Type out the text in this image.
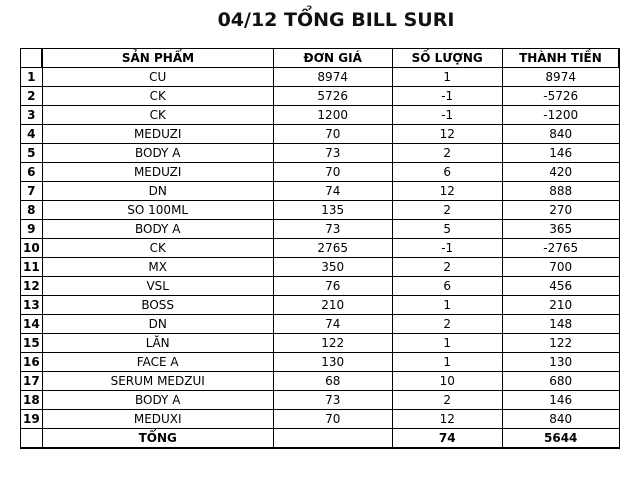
04/12 TỔNG BILL SURI
	SẢN PHẨM	ĐƠN GIÁ	SỐ LƯỢNG	THÀNH TIỀN
1	CU	8974	1	8974
2	CK	5726	-1	-5726
3	CK	1200	-1	-1200
4	MEDUZI	70	12	840
5	BODY A	73	2	146
6	MEDUZI	70	6	420
7	DN	74	12	888
8	SO 100ML	135	2	270
9	BODY A	73	5	365
10	CK	2765	-1	-2765
11	MX	350	2	700
12	VSL	76	6	456
13	BOSS	210	1	210
14	DN	74	2	148
15	LĂN	122	1	122
16	FACE A	130	1	130
17	SERUM MEDZUI	68	10	680
18	BODY A	73	2	146
19	MEDUXI	70	12	840
	TỔNG		74	5644
